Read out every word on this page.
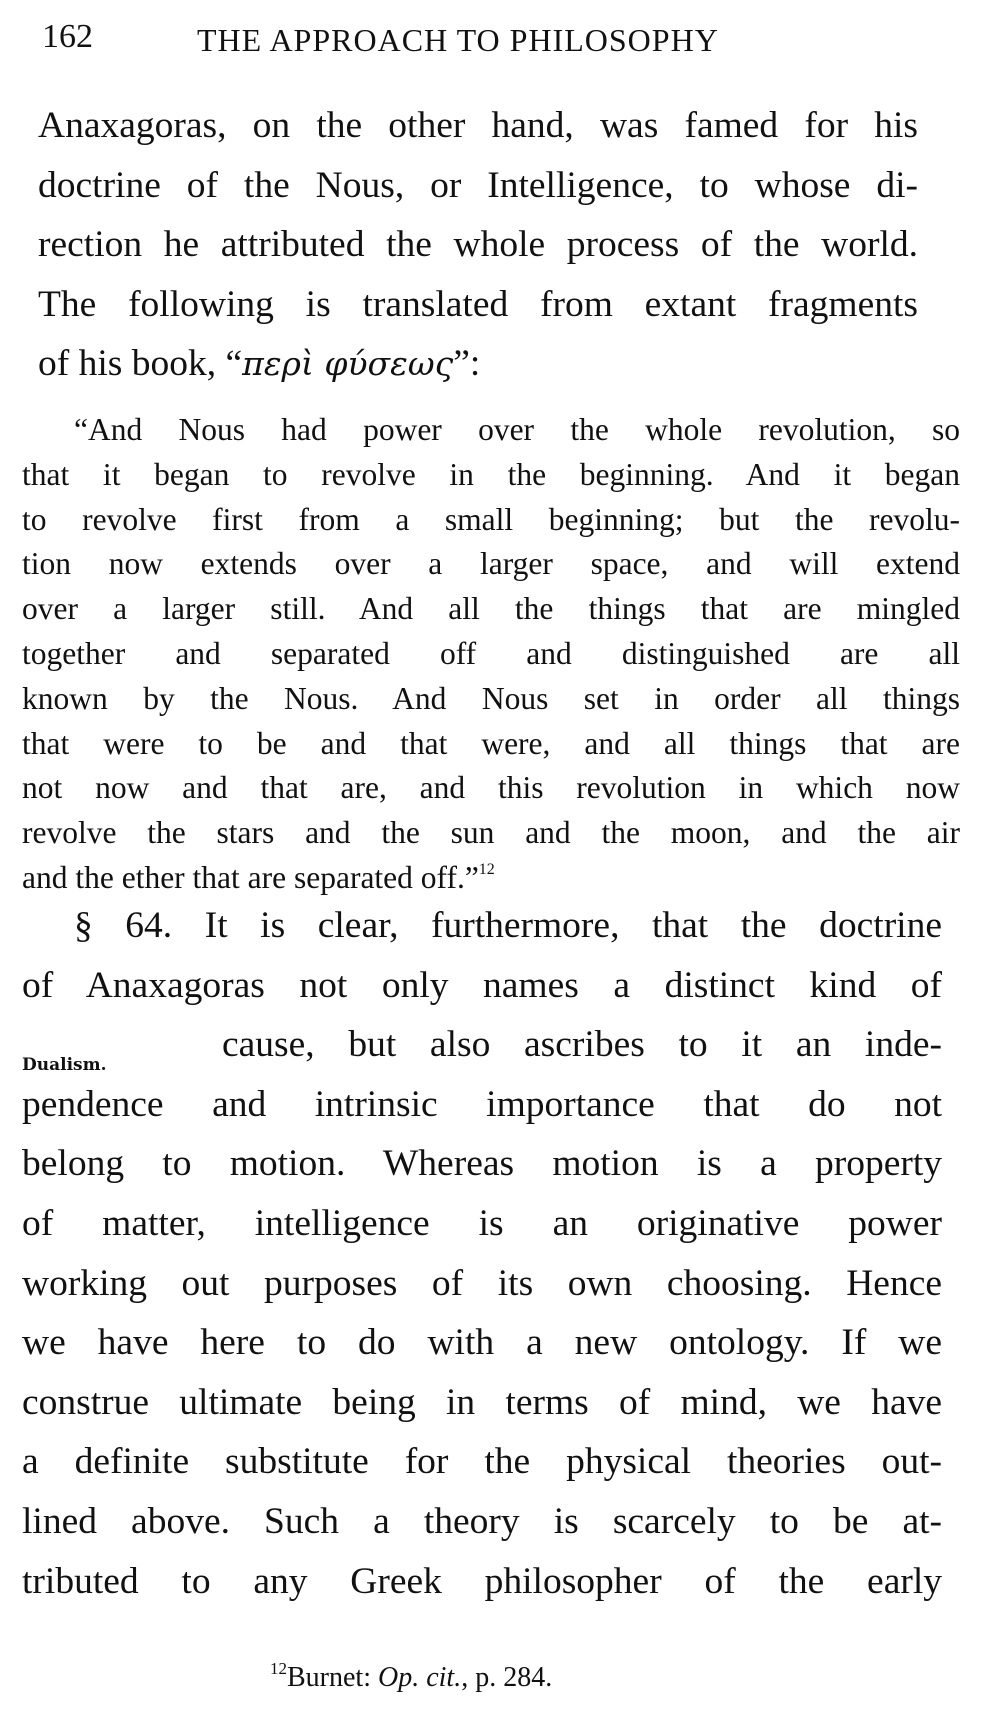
162	THE APPROACH TO PHILOSOPHY
Anaxagoras, on the other hand, was famed for his
doctrine of the Nous, or Intelligence, to whose di-
rection he attributed the whole process of the world.
The following is translated from extant fragments
of his book, “περὶ φύσεως”:
“And Nous had power over the whole revolution, so
that it began to revolve in the beginning. And it began
to revolve first from a small beginning; but the revolu-
tion now extends over a larger space, and will extend
over a larger still. And all the things that are mingled
together and separated off and distinguished are all
known by the Nous. And Nous set in order all things
that were to be and that were, and all things that are
not now and that are, and this revolution in which now
revolve the stars and the sun and the moon, and the air
and the ether that are separated off.”$^{12}$
§ 64. It is clear, furthermore, that the doctrine
of Anaxagoras not only names a distinct kind of
cause, but also ascribes to it an inde-
pendence and intrinsic importance that do not
belong to motion. Whereas motion is a property
of matter, intelligence is an originative power
working out purposes of its own choosing. Hence
we have here to do with a new ontology. If we
construe ultimate being in terms of mind, we have
a definite substitute for the physical theories out-
lined above. Such a theory is scarcely to be at-
tributed to any Greek philosopher of the early
Dualism.
$^{12}$Burnet: Op. cit., p. 284.
